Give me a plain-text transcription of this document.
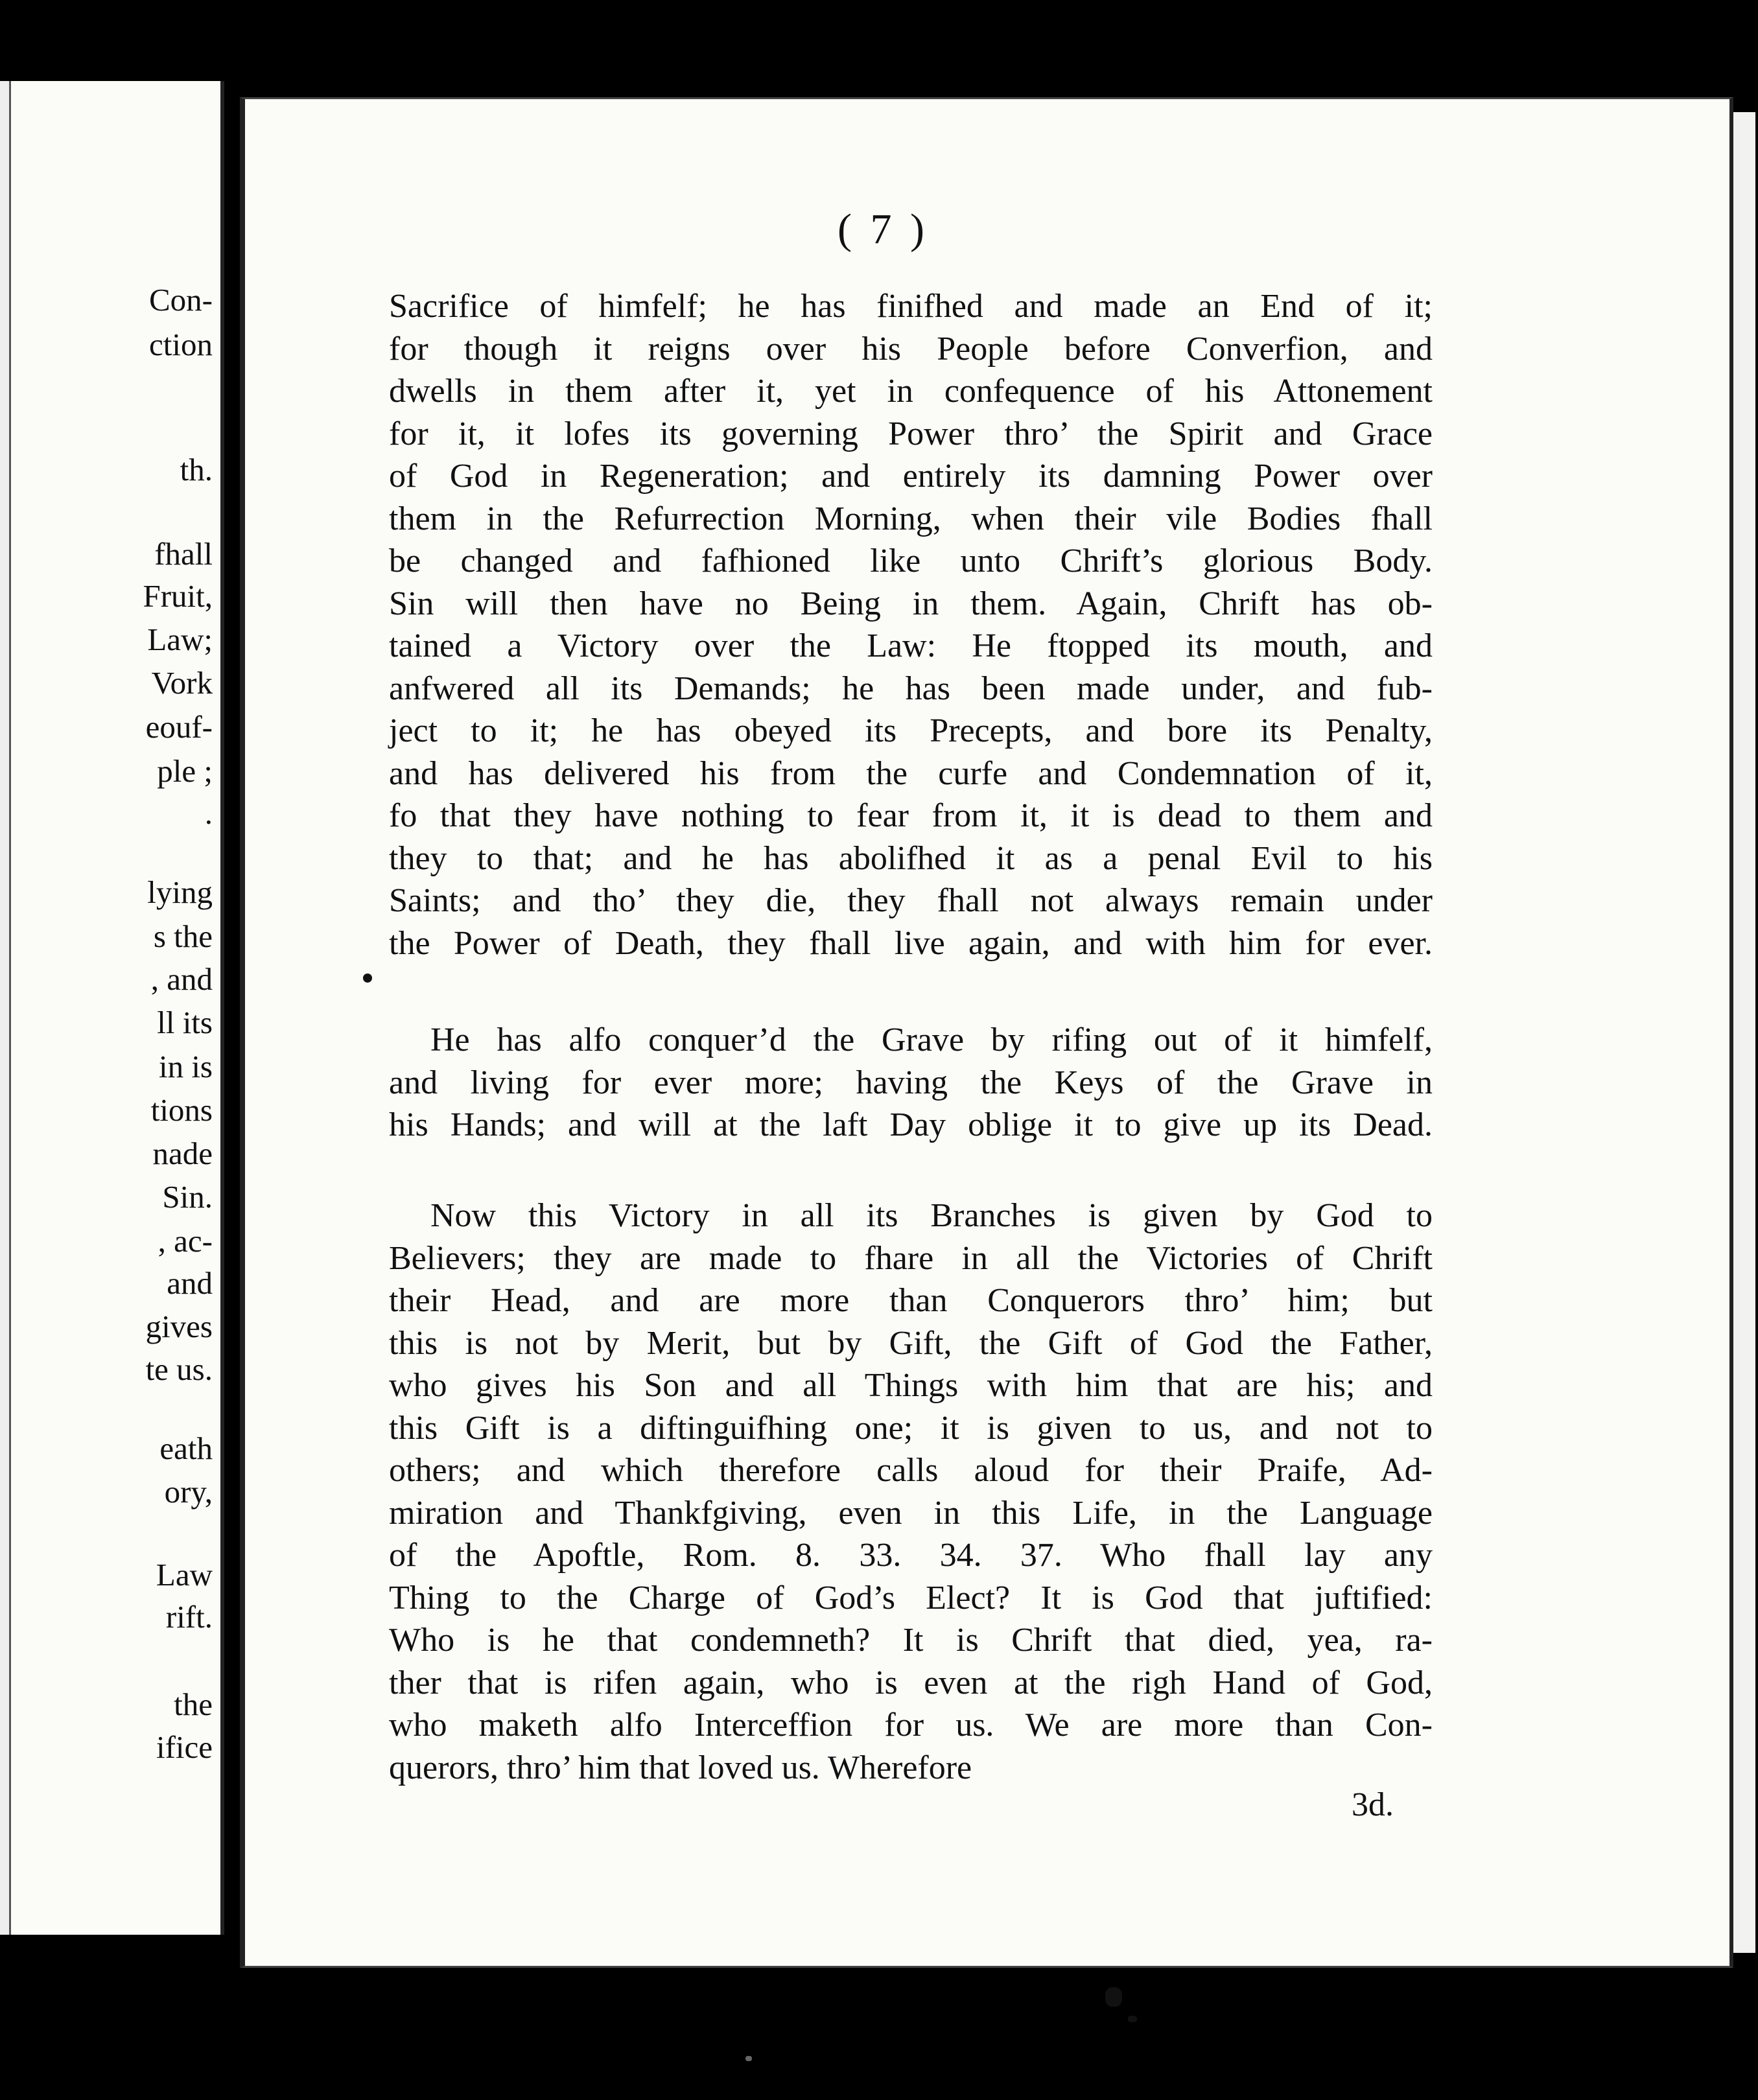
Con-
ction
th.
fhall
Fruit,
Law;
Vork
eouf-
ple ;
.
lying
s the
, and
ll its
in is
tions
nade
Sin.
, ac-
and
gives
te us.
eath
ory,
Law
rift.
the
ifice
( 7 )
Sacrifice of himfelf; he has finifhed and made an End of it;
for though it reigns over his People before Converfion, and
dwells in them after it, yet in confequence of his Attonement
for it, it lofes its governing Power thro’ the Spirit and Grace
of God in Regeneration; and entirely its damning Power over
them in the Refurrection Morning, when their vile Bodies fhall
be changed and fafhioned like unto Chrift’s glorious Body.
Sin will then have no Being in them. Again, Chrift has ob-
tained a Victory over the Law: He ftopped its mouth, and
anfwered all its Demands; he has been made under, and fub-
ject to it; he has obeyed its Precepts, and bore its Penalty,
and has delivered his from the curfe and Condemnation of it,
fo that they have nothing to fear from it, it is dead to them and
they to that; and he has abolifhed it as a penal Evil to his
Saints; and tho’ they die, they fhall not always remain under
the Power of Death, they fhall live again, and with him for ever.
He has alfo conquer’d the Grave by rifing out of it himfelf,
and living for ever more; having the Keys of the Grave in
his Hands; and will at the laft Day oblige it to give up its Dead.
Now this Victory in all its Branches is given by God to
Believers; they are made to fhare in all the Victories of Chrift
their Head, and are more than Conquerors thro’ him; but
this is not by Merit, but by Gift, the Gift of God the Father,
who gives his Son and all Things with him that are his; and
this Gift is a diftinguifhing one; it is given to us, and not to
others; and which therefore calls aloud for their Praife, Ad-
miration and Thankfgiving, even in this Life, in the Language
of the Apoftle, Rom. 8. 33. 34. 37. Who fhall lay any
Thing to the Charge of God’s Elect? It is God that juftified:
Who is he that condemneth? It is Chrift that died, yea, ra-
ther that is rifen again, who is even at the righ Hand of God,
who maketh alfo Interceffion for us. We are more than Con-
querors, thro’ him that loved us. Wherefore
3d.
